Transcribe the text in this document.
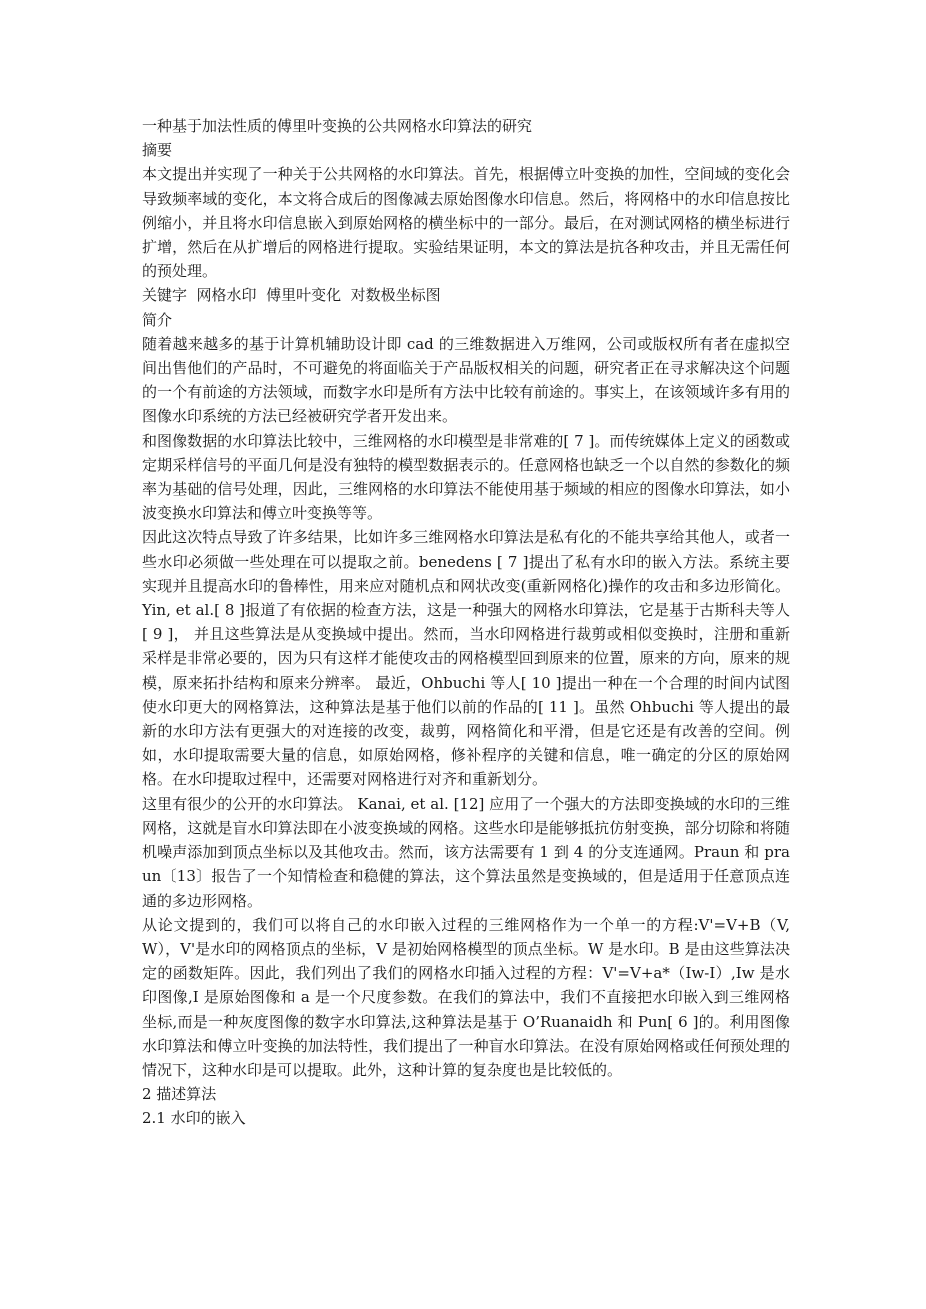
一种基于加法性质的傅里叶变换的公共网格水印算法的研究

摘要

本文提出并实现了一种关于公共网格的水印算法。首先，根据傅立叶变换的加性，空间域的变化会导致频率域的变化，本文将合成后的图像减去原始图像水印信息。然后，将网格中的水印信息按比例缩小，并且将水印信息嵌入到原始网格的横坐标中的一部分。最后，在对测试网格的横坐标进行扩增，然后在从扩增后的网格进行提取。实验结果证明，本文的算法是抗各种攻击，并且无需任何的预处理。

关键字  网格水印  傅里叶变化  对数极坐标图

简介

随着越来越多的基于计算机辅助设计即 cad 的三维数据进入万维网，公司或版权所有者在虚拟空间出售他们的产品时，不可避免的将面临关于产品版权相关的问题，研究者正在寻求解决这个问题的一个有前途的方法领域，而数字水印是所有方法中比较有前途的。事实上，在该领域许多有用的图像水印系统的方法已经被研究学者开发出来。

和图像数据的水印算法比较中，三维网格的水印模型是非常难的[ 7 ]。而传统媒体上定义的函数或定期采样信号的平面几何是没有独特的模型数据表示的。任意网格也缺乏一个以自然的参数化的频率为基础的信号处理，因此，三维网格的水印算法不能使用基于频域的相应的图像水印算法，如小波变换水印算法和傅立叶变换等等。

因此这次特点导致了许多结果，比如许多三维网格水印算法是私有化的不能共享给其他人，或者一些水印必须做一些处理在可以提取之前。benedens [ 7 ]提出了私有水印的嵌入方法。系统主要实现并且提高水印的鲁棒性，用来应对随机点和网状改变(重新网格化)操作的攻击和多边形简化。Yin, et al.[ 8 ]报道了有依据的检查方法，这是一种强大的网格水印算法，它是基于古斯科夫等人[ 9 ]， 并且这些算法是从变换域中提出。然而，当水印网格进行裁剪或相似变换时，注册和重新采样是非常必要的，因为只有这样才能使攻击的网格模型回到原来的位置，原来的方向，原来的规模，原来拓扑结构和原来分辨率。 最近，Ohbuchi 等人[ 10 ]提出一种在一个合理的时间内试图使水印更大的网格算法，这种算法是基于他们以前的作品的[ 11 ]。虽然 Ohbuchi 等人提出的最新的水印方法有更强大的对连接的改变，裁剪，网格简化和平滑，但是它还是有改善的空间。例如，水印提取需要大量的信息，如原始网格，修补程序的关键和信息，唯一确定的分区的原始网格。在水印提取过程中，还需要对网格进行对齐和重新划分。

这里有很少的公开的水印算法。 Kanai, et al. [12] 应用了一个强大的方法即变换域的水印的三维网格，这就是盲水印算法即在小波变换域的网格。这些水印是能够抵抗仿射变换，部分切除和将随机噪声添加到顶点坐标以及其他攻击。然而，该方法需要有 1 到 4 的分支连通网。Praun 和 praun〔13〕报告了一个知情检查和稳健的算法，这个算法虽然是变换域的，但是适用于任意顶点连通的多边形网格。

从论文提到的，我们可以将自己的水印嵌入过程的三维网格作为一个单一的方程:V'=V+B（V,W），V'是水印的网格顶点的坐标，V 是初始网格模型的顶点坐标。W 是水印。B 是由这些算法决定的函数矩阵。因此，我们列出了我们的网格水印插入过程的方程：V'=V+a*（Iw-I）,Iw 是水印图像,I 是原始图像和 a 是一个尺度参数。在我们的算法中，我们不直接把水印嵌入到三维网格坐标,而是一种灰度图像的数字水印算法,这种算法是基于 O’Ruanaidh 和 Pun[ 6 ]的。利用图像水印算法和傅立叶变换的加法特性，我们提出了一种盲水印算法。在没有原始网格或任何预处理的情况下，这种水印是可以提取。此外，这种计算的复杂度也是比较低的。

2 描述算法

2.1 水印的嵌入
